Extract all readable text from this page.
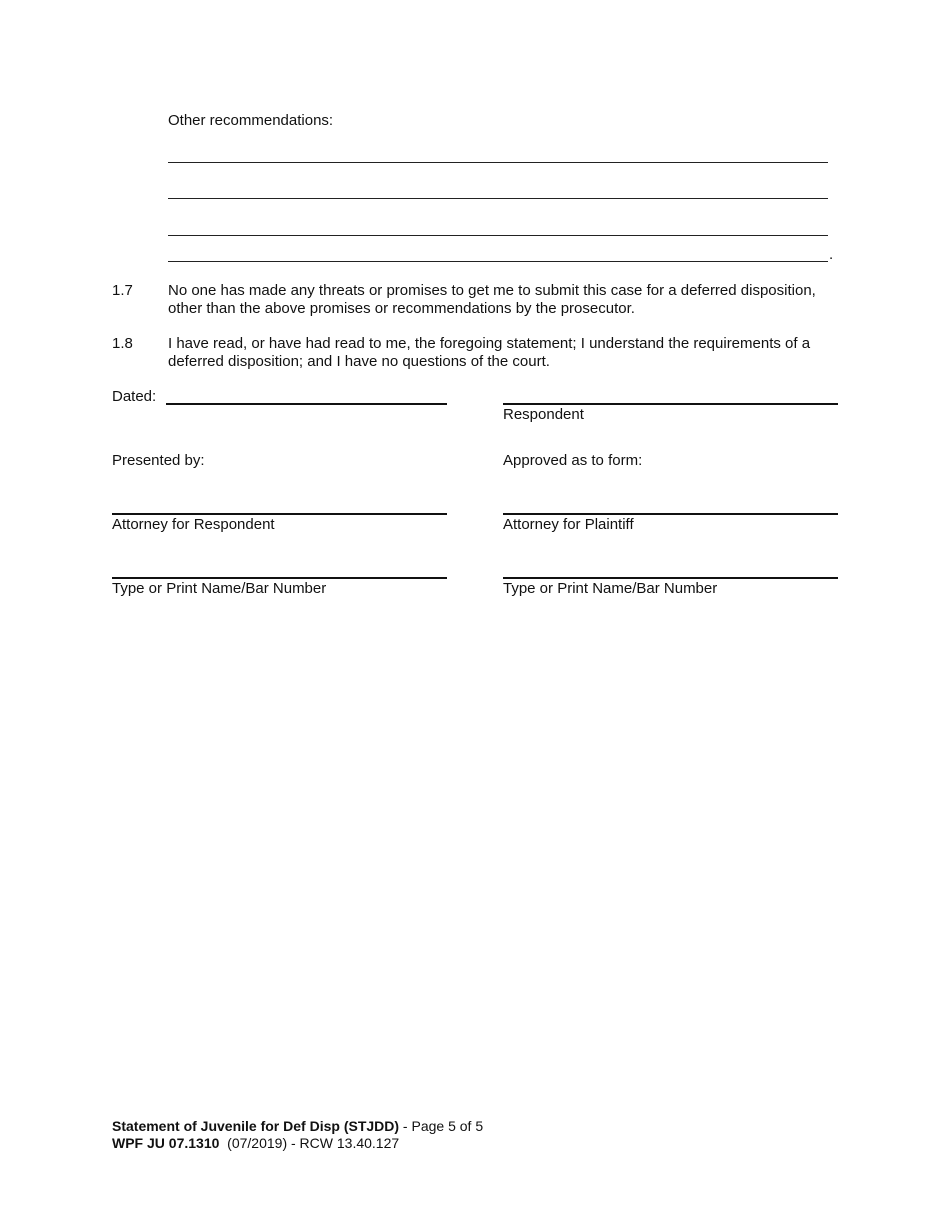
Other recommendations:
.
1.7 No one has made any threats or promises to get me to submit this case for a deferred disposition, other than the above promises or recommendations by the prosecutor.
1.8 I have read, or have had read to me, the foregoing statement; I understand the requirements of a deferred disposition; and I have no questions of the court.
Dated:
Respondent
Presented by:	Approved as to form:
Attorney for Respondent	Attorney for Plaintiff
Type or Print Name/Bar Number	Type or Print Name/Bar Number
Statement of Juvenile for Def Disp (STJDD) - Page 5 of 5
WPF JU 07.1310  (07/2019) - RCW 13.40.127
